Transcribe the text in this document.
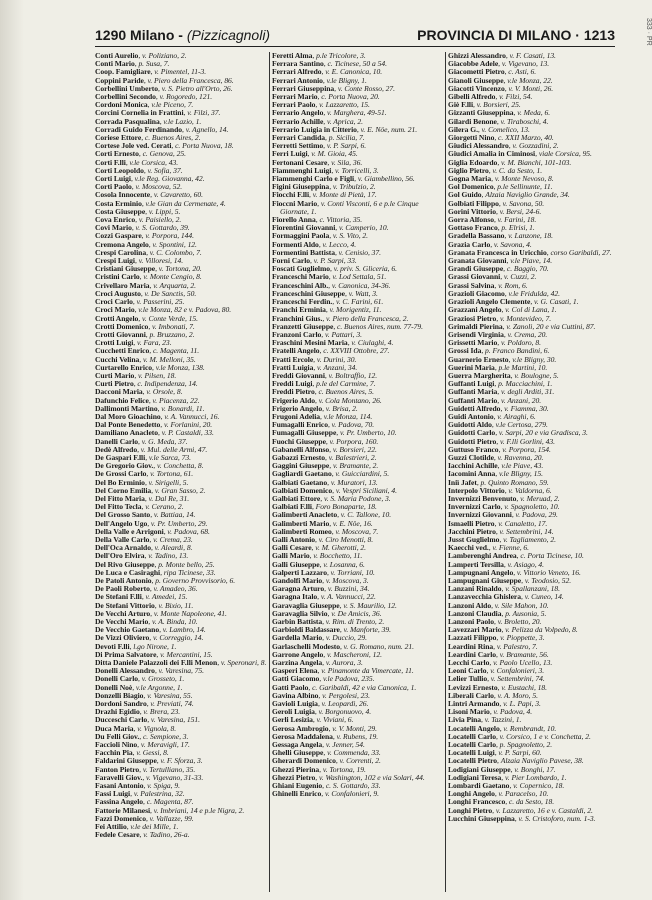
1290 Milano - (Pizzicagnoli)	PROVINCIA DI MILANO · 1213
Conti Aurelio, v. Poliziano, 2.
Conti Mario, p. Susa, 7.
Coop. Famigliare, v. Pimentel, 11-3.
Coppini Paride, v. Piero della Francesca, 86.
Corbellini Umberto, v. S. Pietro all'Orto, 26.
Corbellini Secondo, v. Rogoredo, 121.
Cordoni Monica, v.le Piceno, 7.
Corcini Cornelia in Frattini, v. Filzi, 37.
Corrada Pasqualina, v.le Lazio, 1.
Corradi Guido Ferdinando, v. Agnello, 14.
Coriese Ettore, c. Buenos Aires, 2.
Cortese Jole ved. Cerati, c. Porta Nuova, 18.
Corti Ernesto, c. Genova, 25.
Corti F.lli, v.le Corsica, 43.
Corti Leopoldo, v. Sofia, 37.
Corti Luigi, v.le Reg. Giovanna, 42.
Corti Paolo, v. Moscova, 52.
Cosola Innocente, v. Cavaretto, 60.
Costa Erminio, v.le Gian da Cermenate, 4.
Costa Giuseppe, v. Lippi, 5.
Cova Enrico, v. Paisiello, 2.
Covi Mario, v. S. Gottardo, 39.
Cozzi Gaspare, v. Porpora, 144.
Cremona Angelo, v. Spontini, 12.
Crespi Carolina, v. C. Colombo, 7.
Crespi Luigi, v. Villoresi, 14.
Cristiani Giuseppe, v. Tortona, 20.
Cristini Carlo, v. Monte Cengio, 8.
Crivellaro Maria, v. Arquarta, 2.
Croci Augusto, v. De Sanctis, 50.
Croci Carlo, v. Passerini, 25.
Croci Mario, v.le Monza, 82 e v. Padova, 80.
Crotti Angelo, v. Conte Verde, 15.
Crotti Domenico, v. Imbonati, 7.
Crotti Giovanni, p. Bruzzano, 2.
Crotti Luigi, v. Fara, 23.
Cucchetti Enrico, c. Magenta, 11.
Cucchi Velina, v. M. Melloni, 35.
Curtarello Enrico, v.le Monza, 138.
Curti Mario, v. Pilsen, 18.
Curti Pietro, c. Indipendenza, 14.
Dacconi Maria, v. Orsole, 8.
Dafunchio Felice, v. Piacenza, 22.
Dallimonti Martino, v. Bonardi, 11.
Dal Moro Gioachino, v. A. Vannucci, 16.
Dal Ponte Benedetto, v. Forlanini, 20.
Damiliano Anacleto, v. P. Castaldi, 33.
Danelli Carlo, v. G. Meda, 37.
Dedè Alfredo, v. Mul. delle Armi, 47.
De Gaspari F.lli, v.le Sarca, 73.
De Gregorio Giov., v. Conchetta, 8.
De Grossi Carlo, v. Tortona, 61.
Del Bo Erminio, v. Sirigelli, 5.
Del Corno Emilia, v. Gran Sasso, 2.
Del Fitto Maria, v. Dal Re, 31.
Del Fitto Tecla, v. Cerano, 2.
Del Grosso Santo, v. Battiaa, 14.
Dell'Angelo Ugo, v. Pr. Umberto, 29.
Della Valle e Arrigoni, v. Padova, 68.
Della Valle Carlo, v. Crema, 23.
Dell'Oca Arnaldo, v. Aleardi, 8.
Dell'Oro Elvira, v. Tadino, 13.
Del Rivo Giuseppe, p. Monte bello, 25.
De Luca e Casiraghi, ripa Ticinese, 33.
De Patoli Antonio, p. Governo Provvisorio, 6.
De Paoli Roberto, v. Amadeo, 36.
De Stefani F.lli, v. Amedei, 15.
De Stefani Vittorio, v. Bixio, 11.
De Vecchi Arturo, v. Monte Napoleone, 41.
De Vecchi Mario, v. A. Binda, 10.
De Vecchio Gaetano, v. Lambro, 14.
De Vizzi Oliviero, v. Correggio, 14.
Devoti F.lli, l.go Nirone, 1.
Di Prima Salvatore, v. Mercantini, 15.
Ditta Daniele Palazzoli dei F.lli Menon, v. Speronari, 8.
Donelli Alessandro, v. Varesina, 75.
Donelli Carlo, v. Grosseto, 1.
Donelli Noè, v.le Argonne, 1.
Donzelli Biagio, v. Varesina, 55.
Dordoni Sandro, v. Previati, 74.
Drazhi Egidio, v. Brera, 23.
Ducceschi Carlo, v. Varesina, 151.
Duca Maria, v. Vignola, 8.
Du Felli Giov., c. Sempione, 3.
Faccioli Nino, v. Meravigli, 17.
Facchin Pia, v. Gessi, 8.
Faldarini Giuseppe, v. F. Sforza, 3.
Fanton Pietro, v. Tertulliano, 35.
Faravelli Giov., v. Vigevano, 31-33.
Fasani Antonio, v. Spiga, 9.
Fassi Luigi, v. Palestrina, 32.
Fassina Angelo, c. Magenta, 87.
Fattorie Milanesi, v. Imbriani, 14 e p.le Nigra, 2.
Fazzi Domenico, v. Vallazze, 99.
Fei Attilio, v.le dei Mille, 1.
Fedele Cesare, v. Tadino, 26-a.
Feretti Alma, p.le Tricolore, 3.
Ferrara Santino, c. Ticinese, 50 a 54.
Ferrari Alfredo, v. E. Canonica, 10.
Ferrari Antonio, v.le Bligny, 1.
Ferrari Giuseppina, v. Conte Rosso, 27.
Ferrari Mario, c. Porta Nuova, 20.
Ferrari Paolo, v. Lazzaretto, 15.
Ferrario Angelo, v. Marghera, 49-51.
Ferrario Achille, v. Aprica, 2.
Ferrario Luigia in Citterio, v. E. Nöe, num. 21.
Ferrari Candida, p. Sicilia, 7.
Ferretti Settimo, v. P. Sarpi, 6.
Ferri Luigi, v. M. Gioia, 45.
Fertonani Cesare, v. Sila, 36.
Fiammenghi Luigi, v. Torricelli, 3.
Fiammenghi Carlo e Figli, v. Giambellino, 56.
Figini Giuseppina, v. Tribulzio, 2.
Fiocchi F.lli, v. Monte di Pietà, 17.
Fioccni Mario, v. Conti Visconti, 6 e p.le Cinque Giornate, 1.
Fiorello Anna, c. Vittoria, 35.
Fiorentini Giovanni, v. Camperio, 10.
Formaggini Paola, v. S. Vito, 2.
Formenti Aldo, v. Lecco, 4.
Formentini Battista, v. Cenisio, 37.
Forni Carlo, v. P. Sarpi, 33.
Foscati Guglielmo, v. priv. S. Gliceria, 6.
Franceschi Mario, v. Lod Settala, 51.
Franceschini Alb., v. Canonica, 34-36.
Franceschini Giuseppe, v. Watt, 3.
Franceschi Ferdin., v. C. Farini, 61.
Franchi Erminia, v. Morigentiz, 11.
Franchini Gius., v. Piero della Francesca, 2.
Franzetti Giuseppe, c. Buenos Aires, num. 77-79.
Franzoni Carlo, v. Pattari, 3.
Fraschini Mesini Maria, v. Ciulaghi, 4.
Fratelli Angelo, c. XXVIII Ottobre, 27.
Fratti Ercole, v. Durini, 30.
Fratti Luigia, v. Anzani, 34.
Freddi Giovanni, v. Boltraffio, 12.
Freddi Luigi, p.le del Carmine, 7.
Freddi Pietro, c. Buenos Aires, 5.
Frigerio Aldo, v. Cola Montano, 26.
Frigerio Angelo, v. Brisa, 2.
Frugoni Adelia, v.le Monza, 114.
Fumagalli Enrico, v. Padova, 70.
Fumagalli Giuseppe, v. Pr. Umberto, 10.
Fuochi Giuseppe, v. Porpora, 160.
Gabanelli Alfonso, v. Borsieri, 22.
Gabazzi Ernesto, v. Balestrieri, 2.
Gaggini Giuseppe, v. Bramante, 2.
Gagliardi Gaetano, v. Guicciardini, 5.
Galbiati Gaetano, v. Muratori, 13.
Galbiati Domenico, v. Vespri Siciliani, 4.
Galbiati Ettore, v. S. Maria Podone, 3.
Galbiati F.lli, Foro Bonaparte, 18.
Galimberti Anacleto, v. C. Tallone, 10.
Galimberti Mario, v. E. Nöe, 16.
Galimberti Romeo, v. Moscova, 7.
Galli Antonio, v. Ciro Menotti, 8.
Galli Cesare, v. M. Gherotti, 2.
Galli Mario, v. Bocchetto, 11.
Galli Giuseppe, v. Losanna, 6.
Galperti Lazzaro, v. Torriani, 10.
Gandolfi Mario, v. Moscova, 3.
Garagna Arturo, v. Buzzini, 34.
Garagna Italo, v. A. Vannucci, 22.
Garavaglia Giuseppe, v. S. Maurilio, 12.
Garavaglia Silvio, v. De Amicis, 36.
Garbin Battista, v. Rim. di Trento, 2.
Garbioldi Baldassare, v. Manforte, 39.
Gardella Mario, v. Duccio, 29.
Garlaschelli Modesto, v. G. Romano, num. 21.
Garrone Angelo, v. Mascheroni, 12.
Garzina Angela, v. Aurora, 3.
Gasperi Elena, v. Pinamonte da Vimercate, 11.
Gatti Giacomo, v.le Padova, 235.
Gatti Paolo, c. Garibaldi, 42 e via Canonica, 1.
Gavina Albino, v. Pergolesi, 23.
Gavioli Luigia, v. Leopardi, 26.
Geroli Luigia, v. Borgonuovo, 4.
Gerli Lesizia, v. Viviani, 6.
Gerosa Ambrogio, v. V. Monti, 29.
Gerosa Maddalena, v. Rubens, 19.
Gessaga Angela, v. Jenner, 54.
Ghelli Giuseppe, v. Commenda, 33.
Gherardi Domenico, v. Correnti, 2.
Ghezzi Pierina, v. Tortona, 19.
Ghezzi Pietro, v. Washington, 102 e via Solari, 44.
Ghiani Eugenio, c. S. Gottardo, 33.
Ghinelli Enrico, v. Confalonieri, 9.
Ghizzi Alessandro, v. F. Casati, 13.
Giacobbe Adele, v. Vigevano, 13.
Giacometti Pietro, c. Asti, 6.
Gianoli Giuseppe, v.le Monza, 22.
Giacotti Vincenzo, v. V. Monti, 26.
Gibelli Alfredo, v. Filzi, 54.
Giè F.lli, v. Borsieri, 25.
Gizzanti Giuseppina, v. Meda, 6.
Gilardi Benone, v. Tiraboschi, 4.
Gilera G., v. Comelico, 13.
Giorgetti Nino, c. XXII Marzo, 40.
Giudici Alessandro, v. Gozzadini, 2.
Giudici Amalia in Ciminosi, viale Corsica, 95.
Giglia Edoardo, v. M. Bianchi, 101-103.
Giglio Pietro, v. C. da Sesto, 1.
Gogna Maria, v. Monte Nevoso, 8.
Gol Domenico, p.le Sellinunte, 11.
Gol Guido, Alzaia Naviglio Grande, 34.
Golbiati Filippo, v. Savona, 50.
Gorini Vittorio, v. Bersi, 24-6.
Gorra Alfonso, v. Farini, 18.
Gottaso Franco, p. Elrisi, 1.
Gradella Bassano, v. Lanzone, 18.
Grazia Carlo, v. Savona, 4.
Granata Francesca in Uricchio, corso Garibaldi, 27.
Granata Giovanni, v.le Piave, 14.
Grandi Giuseppe, c. Baggio, 70.
Grassi Giovanni, v. Cuzzi, 2.
Grassi Salvina, v. Rom, 6.
Grazioli Giacomo, v.le Fridulda, 42.
Grazioli Angelo Clemente, v. G. Casati, 1.
Grazzani Angelo, v. Col di Lana, 1.
Graziosi Pietro, v. Montevideo, 7.
Grimaldi Pierina, v. Zanoli, 20 e via Cuttini, 87.
Grisendi Virginia, v. Crema, 20.
Grissetti Mario, v. Poldoro, 8.
Grossi Ida, p. Franco Bandini, 6.
Guarnerio Ernesto, v.le Bligny, 30.
Guerini Maria, p.le Martini, 10.
Guerra Margherita, v. Boulogne, 5.
Guffanti Luigi, p. Macciachini, 1.
Guffanti Maria, v. degli Arditi, 31.
Guffanti Mario, v. Anzani, 20.
Guidetti Alfredo, v. Fiamma, 30.
Guidi Antonio, v. Airaghi, 6.
Guidotti Aldo, v.le Certosa, 279.
Guidotti Carlo, v. Sarpi, 20 e via Gradisca, 3.
Guidotti Pietro, v. F.lli Gorlini, 43.
Guttuso Franco, v. Porpora, 154.
Guzzi Clotilde, v. Ravenna, 20.
Iacchini Achille, v.le Piave, 43.
Iacomini Anna, v.le Bligny, 15.
Iniì Jafet, p. Quinto Romano, 59.
Interpolo Vittorio, v. Valdorna, 6.
Invernizzi Benvenuto, v. Meruad, 2.
Invernizzi Carlo, v. Spagnoletto, 10.
Invernizzi Giovanni, v. Padova, 29.
Ismaelli Pietro, v. Canaletto, 17.
Jacchini Pietro, v. Settembrini, 14.
Jusst Guglielmo, v. Tagliamento, 2.
Kaecchi ved., v. Fienne, 6.
Lamberenghi Andrea, c. Porta Ticinese, 10.
Lamperti Tersilla, v. Asiago, 4.
Lampugnani Angelo, v. Vittorio Veneto, 16.
Lampugnani Giuseppe, v. Teodosio, 52.
Lanzani Rinaldo, v. Spallanzani, 18.
Lanzavecchia Ghislera, v. Cuneo, 14.
Lanzoni Aldo, v. Sile Mahon, 10.
Lanzoni Claudia, p. Ausonia, 5.
Lanzoni Paolo, v. Broletto, 20.
Lavezzari Mario, v. Pelizza da Volpedo, 8.
Lazzati Filippo, v. Pioppette, 3.
Leardini Rina, v. Palestro, 7.
Leardini Carlo, v. Bramante, 56.
Lecchi Carlo, v. Paolo Ucello, 13.
Leoni Carlo, v. Confalonieri, 3.
Lelier Tullio, v. Settembrini, 74.
Levizzi Ernesto, v. Eustachi, 18.
Liberali Carlo, v. A. Moro, 5.
Lintri Armando, v. L. Papi, 3.
Lisoni Mario, v. Padova, 4.
Livia Pina, v. Tazzini, 1.
Locatelli Angelo, v. Rembrandt, 10.
Locatelli Carlo, v. Corsico, 1 e v. Conchetta, 2.
Locatelli Carlo, p. Spagnoletto, 2.
Locatelli Luigi, v. P. Sarpi, 60.
Locatelli Pietro, Alzaia Naviglio Pavese, 38.
Lodigiani Giuseppe, v. Bonghi, 17.
Lodigiani Teresa, v. Pier Lombardo, 1.
Lombardi Gaetano, v. Copernico, 18.
Longhi Angelo, v. Paracelso, 10.
Longhi Francesco, c. da Sesto, 18.
Longhi Pietro, v. Lazzaretto, 16 e v. Castaldi, 2.
Lucchini Giuseppina, v. S. Cristoforo, num. 1-3.
333 · PR
